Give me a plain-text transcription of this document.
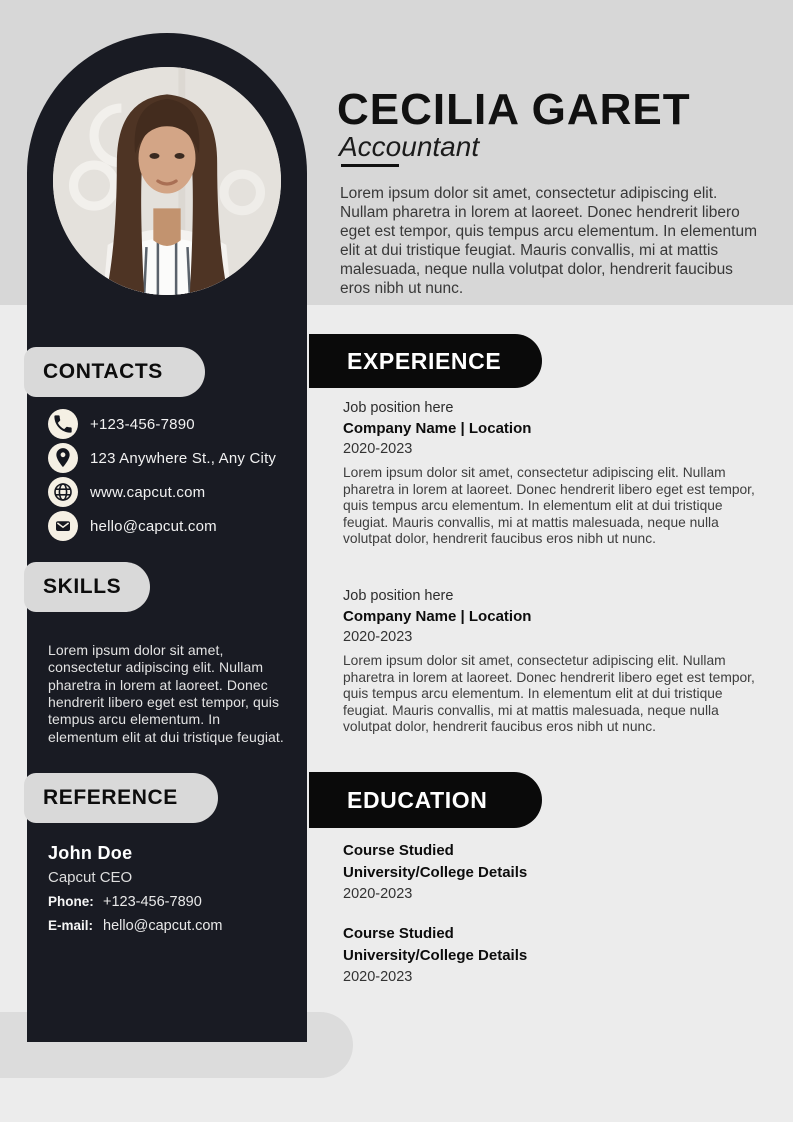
CONTACTS
+123-456-7890
123 Anywhere St., Any City
www.capcut.com
hello@capcut.com
SKILLS

Lorem ipsum dolor sit amet, consectetur adipiscing elit. Nullam pharetra in lorem at laoreet. Donec hendrerit libero eget est tempor, quis tempus arcu elementum. In elementum elit at dui tristique feugiat.

REFERENCE
John Doe
Capcut CEO
Phone: +123-456-7890
E-mail: hello@capcut.com
CECILIA GARET
Accountant

Lorem ipsum dolor sit amet, consectetur adipiscing elit. Nullam pharetra in lorem at laoreet. Donec hendrerit libero eget est tempor, quis tempus arcu elementum. In elementum elit at dui tristique feugiat. Mauris convallis, mi at mattis malesuada, neque nulla volutpat dolor, hendrerit faucibus eros nibh ut nunc.

EXPERIENCE
Job position here
Company Name | Location
2020-2023

Lorem ipsum dolor sit amet, consectetur adipiscing elit. Nullam pharetra in lorem at laoreet. Donec hendrerit libero eget est tempor, quis tempus arcu elementum. In elementum elit at dui tristique feugiat. Mauris convallis, mi at mattis malesuada, neque nulla volutpat dolor, hendrerit faucibus eros nibh ut nunc.

Job position here
Company Name | Location
2020-2023

Lorem ipsum dolor sit amet, consectetur adipiscing elit. Nullam pharetra in lorem at laoreet. Donec hendrerit libero eget est tempor, quis tempus arcu elementum. In elementum elit at dui tristique feugiat. Mauris convallis, mi at mattis malesuada, neque nulla volutpat dolor, hendrerit faucibus eros nibh ut nunc.

EDUCATION
Course Studied
University/College Details
2020-2023
Course Studied
University/College Details
2020-2023
